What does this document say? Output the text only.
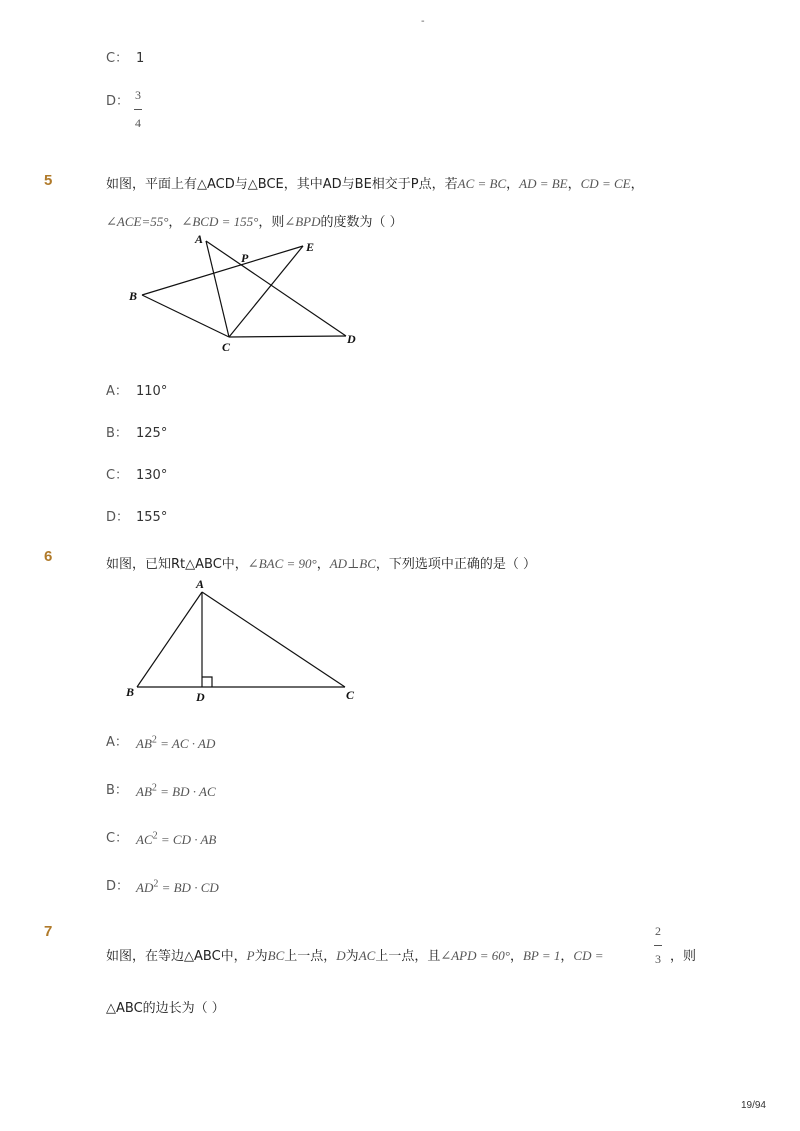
-
C： 1
D： 3
4
5	如图，平面上有△ACD与△BCE，其中AD与BE相交于P点，若AC = BC，AD = BE，CD = CE，
∠ACE=55°，∠BCD = 155°，则∠BPD的度数为（ ）
A
P
E
B
C
D
A： 110°
B： 125°
C： 130°
D： 155°
6	如图，已知Rt△ABC中，∠BAC = 90°，AD⊥BC，下列选项中正确的是（ ）
A
B	D	C
A： $AB^2$ = AC · AD
B： $AB^2$ = BD · AC
C： $AC^2$ = CD · AB
D： $AD^2$ = BD · CD
7
如图，在等边△ABC中，P为BC上一点，D为AC上一点，且∠APD = 60°，BP = 1，CD =
2
3 ，则
△ABC的边长为（ ）
19/94
